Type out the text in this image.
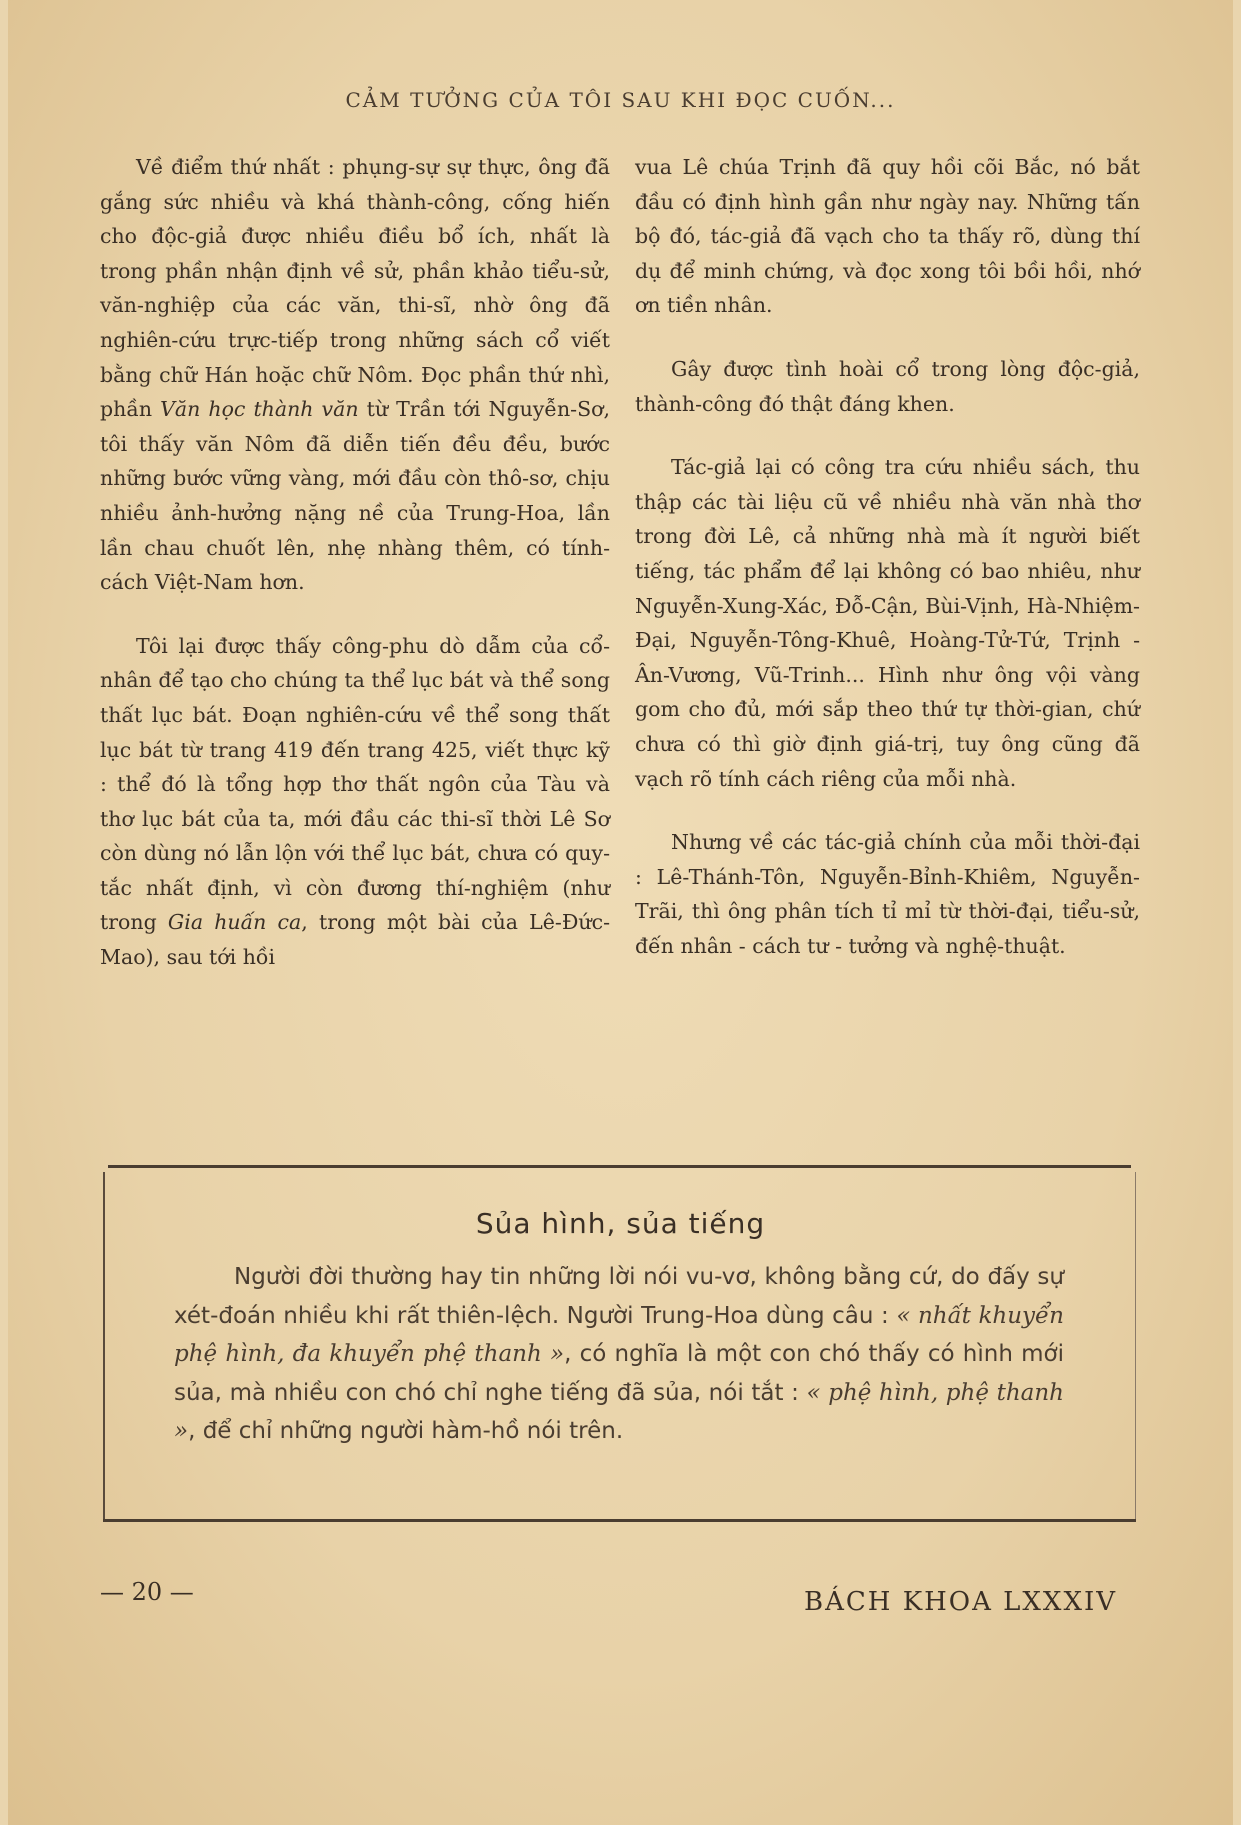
CẢM TƯỞNG CỦA TÔI SAU KHI ĐỌC CUỐN...

Về điểm thứ nhất : phụng-sự sự thực, ông đã gắng sức nhiều và khá thành-công, cống hiến cho độc-giả được nhiều điều bổ ích, nhất là trong phần nhận định về sử, phần khảo tiểu-sử, văn-nghiệp của các văn, thi-sĩ, nhờ ông đã nghiên-cứu trực-tiếp trong những sách cổ viết bằng chữ Hán hoặc chữ Nôm. Đọc phần thứ nhì, phần Văn học thành văn từ Trần tới Nguyễn-Sơ, tôi thấy văn Nôm đã diễn tiến đều đều, bước những bước vững vàng, mới đầu còn thô-sơ, chịu nhiều ảnh-hưởng nặng nề của Trung-Hoa, lần lần chau chuốt lên, nhẹ nhàng thêm, có tính-cách Việt-Nam hơn.

Tôi lại được thấy công-phu dò dẫm của cổ-nhân để tạo cho chúng ta thể lục bát và thể song thất lục bát. Đoạn nghiên-cứu về thể song thất lục bát từ trang 419 đến trang 425, viết thực kỹ : thể đó là tổng hợp thơ thất ngôn của Tàu và thơ lục bát của ta, mới đầu các thi-sĩ thời Lê Sơ còn dùng nó lẫn lộn với thể lục bát, chưa có quy-tắc nhất định, vì còn đương thí-nghiệm (như trong Gia huấn ca, trong một bài của Lê-Đức-Mao), sau tới hồi

vua Lê chúa Trịnh đã quy hồi cõi Bắc, nó bắt đầu có định hình gần như ngày nay. Những tấn bộ đó, tác-giả đã vạch cho ta thấy rõ, dùng thí dụ để minh chứng, và đọc xong tôi bồi hồi, nhớ ơn tiền nhân.

Gây được tình hoài cổ trong lòng độc-giả, thành-công đó thật đáng khen.

Tác-giả lại có công tra cứu nhiều sách, thu thập các tài liệu cũ về nhiều nhà văn nhà thơ trong đời Lê, cả những nhà mà ít người biết tiếng, tác phẩm để lại không có bao nhiêu, như Nguyễn-Xung-Xác, Đỗ-Cận, Bùi-Vịnh, Hà-Nhiệm-Đại, Nguyễn-Tông-Khuê, Hoàng-Tử-Tứ, Trịnh - Ân-Vương, Vũ-Trinh... Hình như ông vội vàng gom cho đủ, mới sắp theo thứ tự thời-gian, chứ chưa có thì giờ định giá-trị, tuy ông cũng đã vạch rõ tính cách riêng của mỗi nhà.

Nhưng về các tác-giả chính của mỗi thời-đại : Lê-Thánh-Tôn, Nguyễn-Bỉnh-Khiêm, Nguyễn-Trãi, thì ông phân tích tỉ mỉ từ thời-đại, tiểu-sử, đến nhân - cách tư - tưởng và nghệ-thuật.

Sủa hình, sủa tiếng

Người đời thường hay tin những lời nói vu-vơ, không bằng cứ, do đấy sự xét-đoán nhiều khi rất thiên-lệch. Người Trung-Hoa dùng câu : « nhất khuyển phệ hình, đa khuyển phệ thanh », có nghĩa là một con chó thấy có hình mới sủa, mà nhiều con chó chỉ nghe tiếng đã sủa, nói tắt : « phệ hình, phệ thanh », để chỉ những người hàm-hồ nói trên.

— 20 —	BÁCH KHOA LXXXIV
